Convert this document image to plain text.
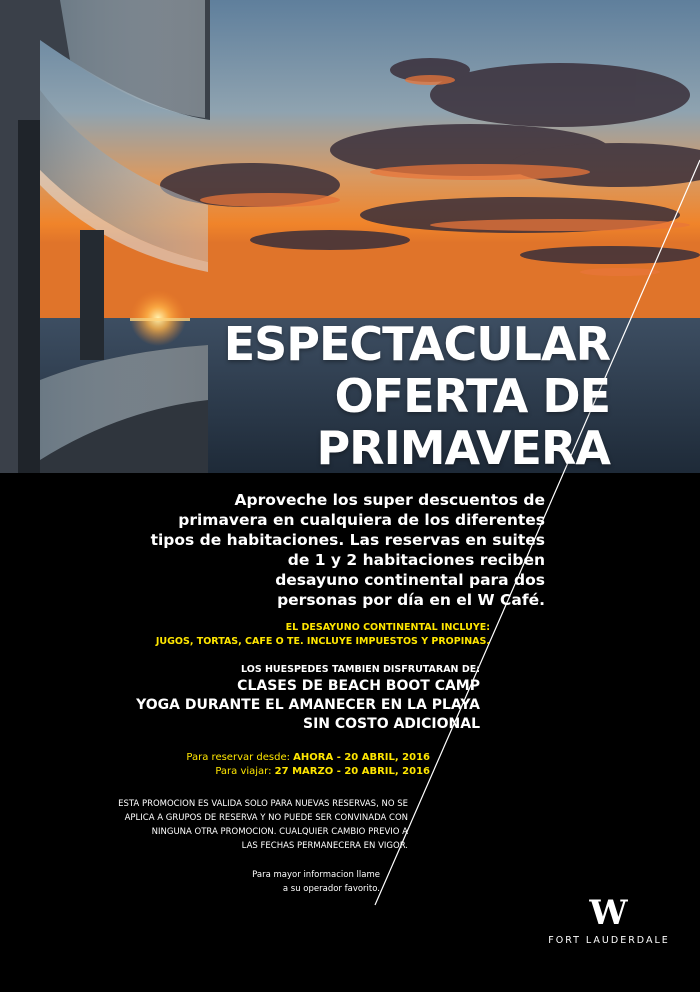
ESPECTACULAR
OFERTA DE
PRIMAVERA
Aproveche los super descuentos de
primavera en cualquiera de los diferentes
tipos de habitaciones. Las reservas en suites
de 1 y 2 habitaciones reciben
desayuno continental para dos
personas por día en el W Café.
EL DESAYUNO CONTINENTAL INCLUYE:
JUGOS, TORTAS, CAFE O TE. INCLUYE IMPUESTOS Y PROPINAS.
LOS HUESPEDES TAMBIEN DISFRUTARAN DE:
CLASES DE BEACH BOOT CAMP
YOGA DURANTE EL AMANECER EN LA PLAYA
SIN COSTO ADICIONAL
Para reservar desde: AHORA - 20 ABRIL, 2016
Para viajar: 27 MARZO - 20 ABRIL, 2016
ESTA PROMOCION ES VALIDA SOLO PARA NUEVAS RESERVAS, NO SE
APLICA A GRUPOS DE RESERVA Y NO PUEDE SER CONVINADA CON
NINGUNA OTRA PROMOCION. CUALQUIER CAMBIO PREVIO A
LAS FECHAS PERMANECERA EN VIGOR.
Para mayor informacion llame
a su operador favorito.
W
FORT LAUDERDALE
